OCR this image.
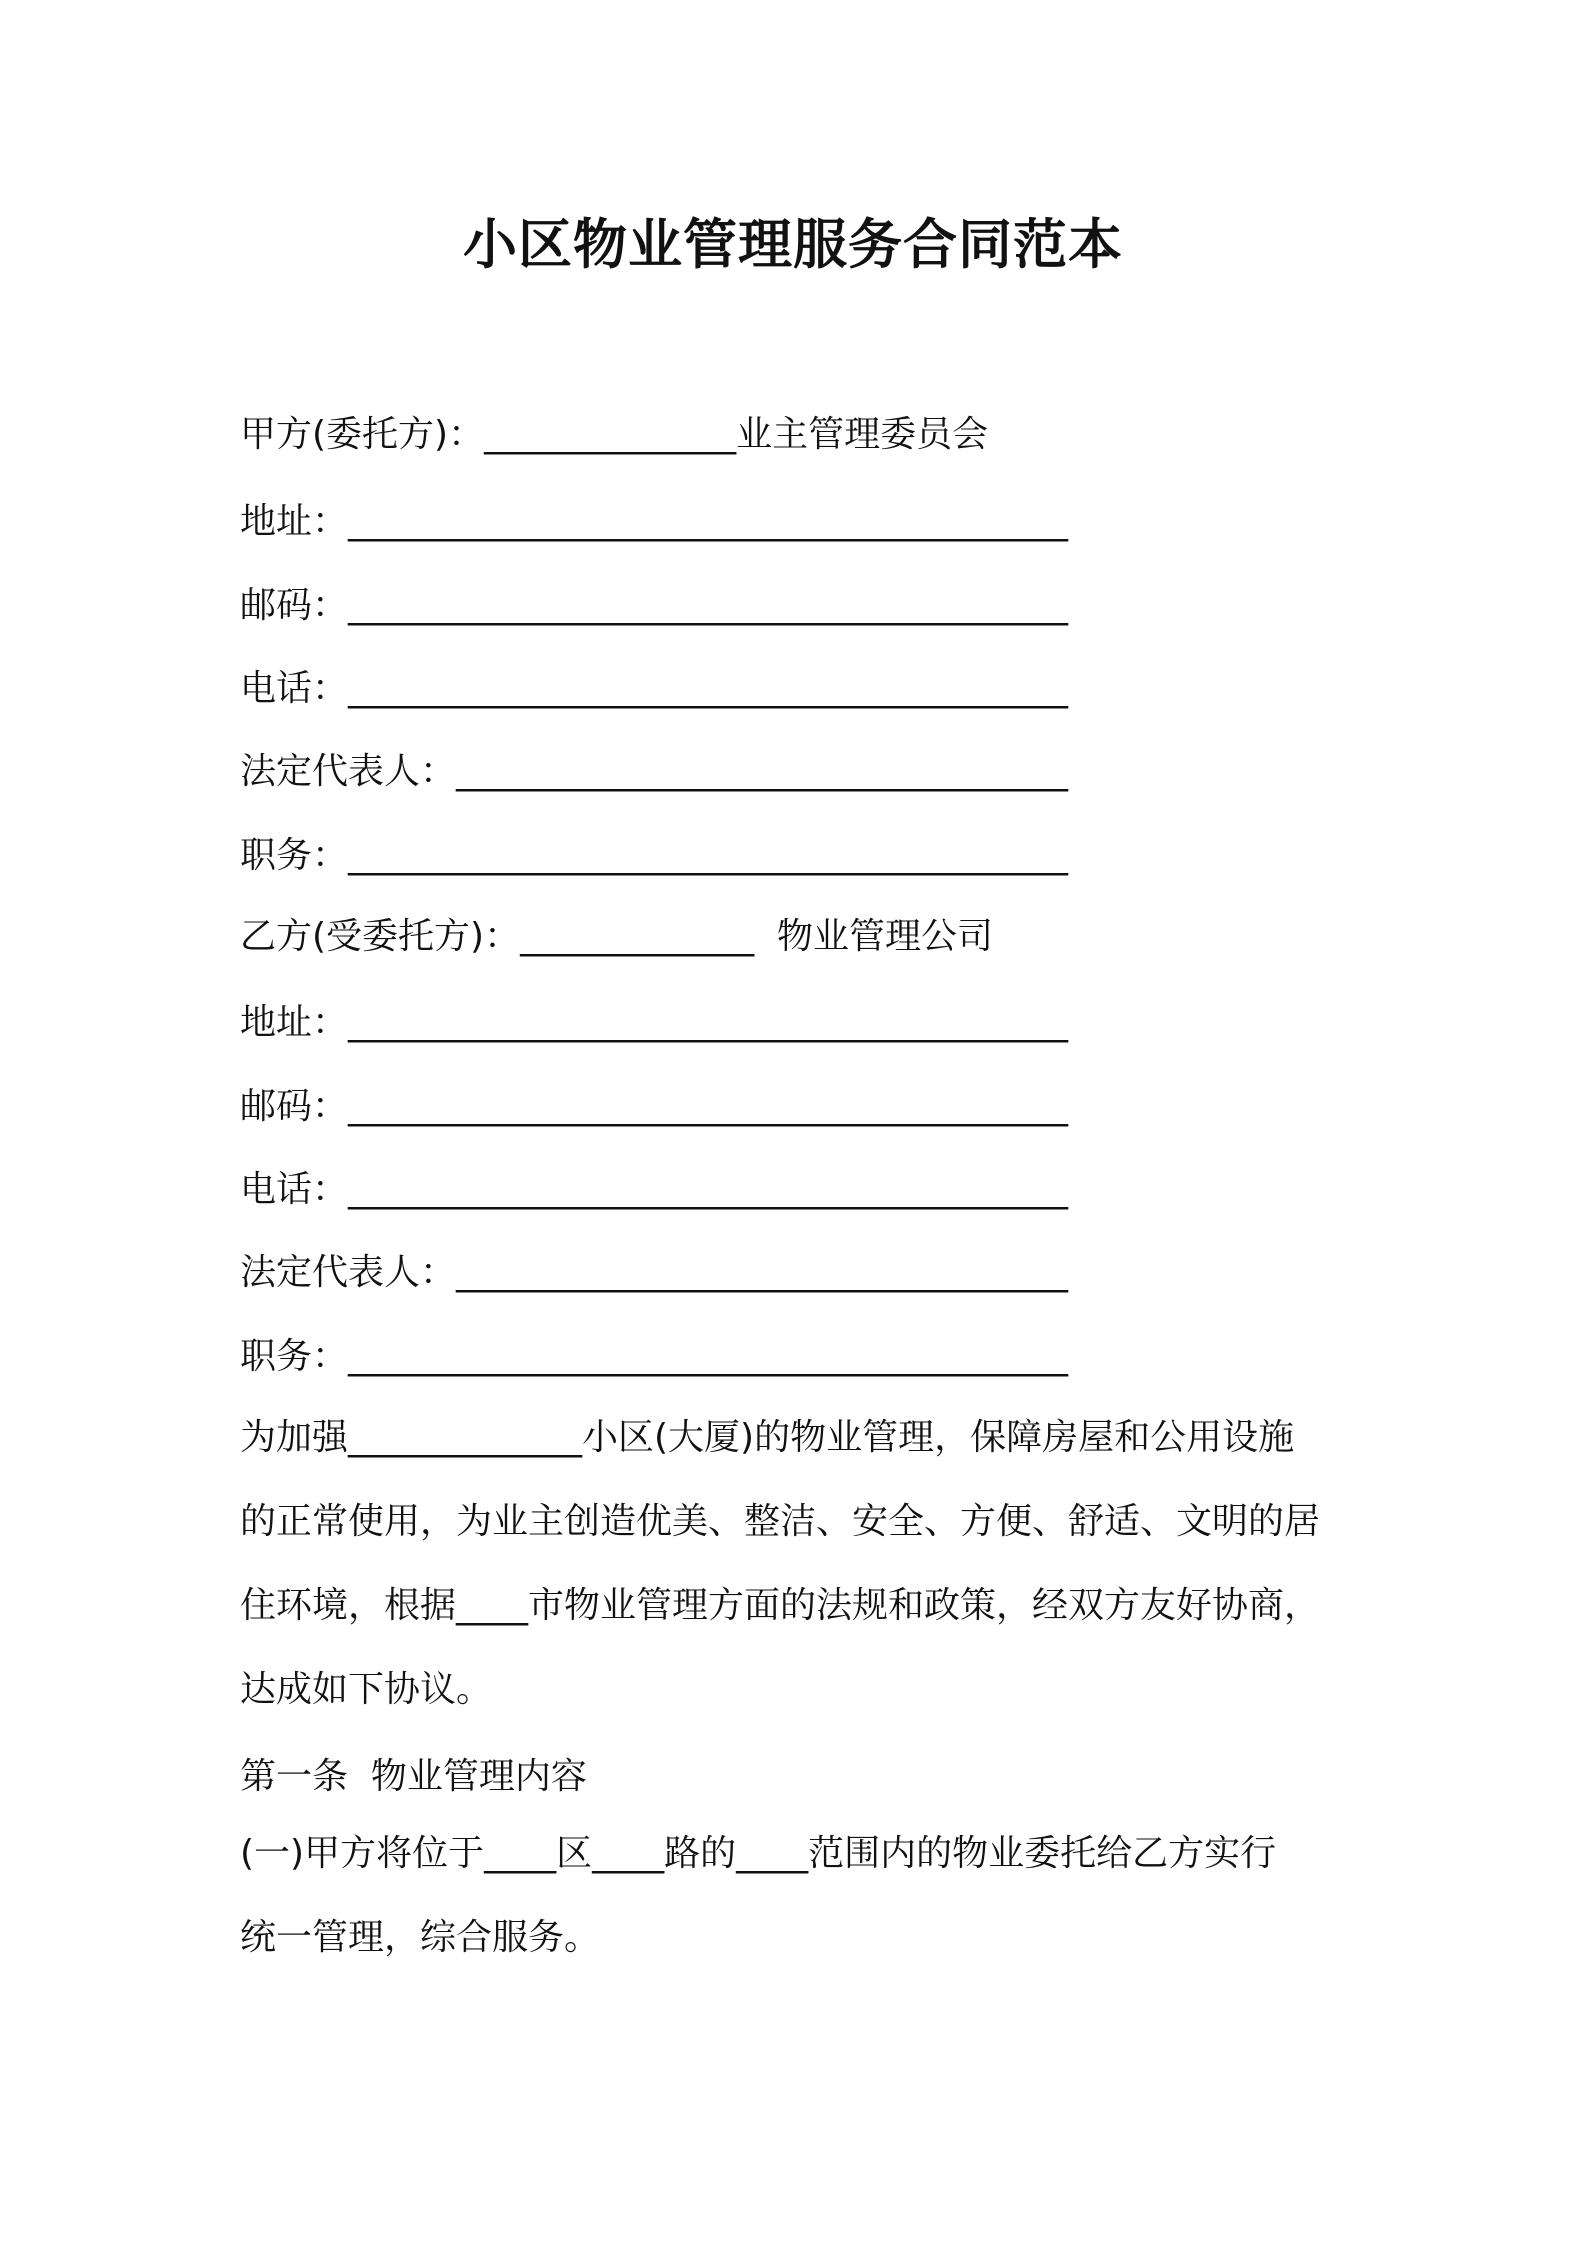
小区物业管理服务合同范本
甲方(委托方)：______________业主管理委员会
地址：________________________________________
邮码：________________________________________
电话：________________________________________
法定代表人：__________________________________
职务：________________________________________
乙方(受委托方)：_____________  物业管理公司
地址：________________________________________
邮码：________________________________________
电话：________________________________________
法定代表人：__________________________________
职务：________________________________________
为加强_____________小区(大厦)的物业管理，保障房屋和公用设施
的正常使用，为业主创造优美、整洁、安全、方便、舒适、文明的居
住环境，根据____市物业管理方面的法规和政策，经双方友好协商，
达成如下协议。
第一条  物业管理内容
(一)甲方将位于____区____路的____范围内的物业委托给乙方实行
统一管理，综合服务。
